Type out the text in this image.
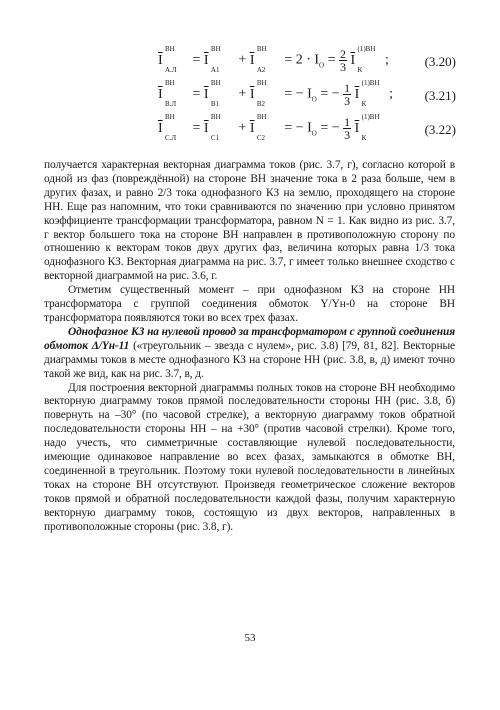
$\overline{I}$
ВН
А.Л
= $\overline{I}$
ВН
А1
+ $\overline{I}$
ВН
А2
= $2 \cdot I_О = \frac{2}{3} \overline{I}$
(1)ВН
К
;	(3.20)
$\overline{I}$
ВН
В.Л
= $\overline{I}$
ВН
В1
+ $\overline{I}$
ВН
В2
= − $I_О$ = − $\frac{1}{3} \overline{I}$
(1)ВН
К
; (3.21)
$\overline{I}$
ВН
С.Л
= $\overline{I}$
ВН
С1
+ $\overline{I}$
ВН
С2
= − $I_О$ = − $\frac{1}{3} \overline{I}$
(1)ВН
К
(3.22)

получается характерная векторная диаграмма токов (рис. 3.7, г), согласно которой в одной из фаз (повреждённой) на стороне ВН значение тока в 2 раза больше, чем в других фазах, и равно 2/3 тока однофазного КЗ на землю, проходящего на стороне НН. Еще раз напомним, что токи сравниваются по значению при условно принятом коэффициенте трансформации трансформатора, равном N = 1. Как видно из рис. 3.7, г вектор большего тока на стороне ВН направлен в противоположную сторону по отношению к векторам токов двух других фаз, величина которых равна 1/3 тока однофазного КЗ. Векторная диаграмма на рис. 3.7, г имеет только внешнее сходство с векторной диаграммой на рис. 3.6, г.

Отметим существенный момент – при однофазном КЗ на стороне НН трансформатора с группой соединения обмоток Y/Yн-0 на стороне ВН трансформатора появляются токи во всех трех фазах.

Однофазное КЗ на нулевой провод за трансформатором с группой соединения обмоток Δ/Yн-11 («треугольник – звезда с нулем», рис. 3.8) [79, 81, 82]. Векторные диаграммы токов в месте однофазного КЗ на стороне НН (рис. 3.8, в, д) имеют точно такой же вид, как на рис. 3.7, в, д.

Для построения векторной диаграммы полных токов на стороне ВН необходимо векторную диаграмму токов прямой последовательности стороны НН (рис. 3.8, б) повернуть на –30° (по часовой стрелке), а векторную диаграмму токов обратной последовательности стороны НН – на +30° (против часовой стрелки). Кроме того, надо учесть, что симметричные составляющие нулевой последовательности, имеющие одинаковое направление во всех фазах, замыкаются в обмотке ВН, соединенной в треугольник. Поэтому токи нулевой последовательности в линейных токах на стороне ВН отсутствуют. Произведя геометрическое сложение векторов токов прямой и обратной последовательности каждой фазы, получим характерную векторную диаграмму токов, состоящую из двух векторов, направленных в противоположные стороны (рис. 3.8, г).

53
